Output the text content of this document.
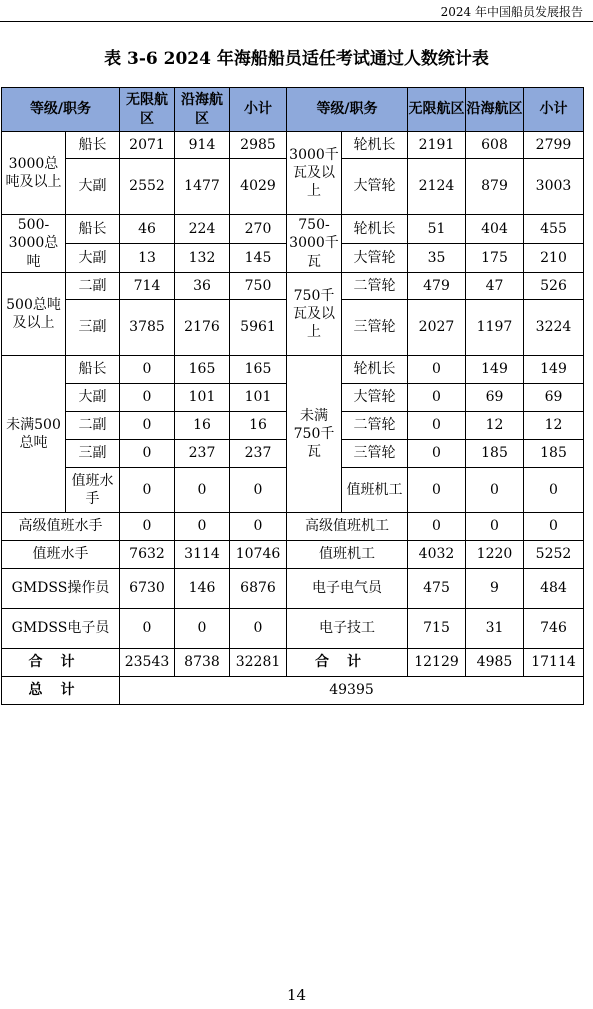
2024 年中国船员发展报告
表 3-6 2024 年海船船员适任考试通过人数统计表
等级/职务		无限航区	沿海航区	小计	等级/职务		无限航区	沿海航区	小计
3000总吨及以上	船长	2071	914	2985	3000千瓦及以上	轮机长	2191	608	2799
	大副	2552	1477	4029		大管轮	2124	879	3003
500-3000总吨	船长	46	224	270	750-3000千瓦	轮机长	51	404	455
	大副	13	132	145		大管轮	35	175	210
500总吨及以上	二副	714	36	750	750千瓦及以上	二管轮	479	47	526
	三副	3785	2176	5961		三管轮	2027	1197	3224
未满500总吨	船长	0	165	165	未满750千瓦	轮机长	0	149	149
	大副	0	101	101		大管轮	0	69	69
	二副	0	16	16		二管轮	0	12	12
	三副	0	237	237		三管轮	0	185	185
	值班水手	0	0	0		值班机工	0	0	0
高级值班水手		0	0	0	高级值班机工		0	0	0
值班水手		7632	3114	10746	值班机工		4032	1220	5252
GMDSS操作员		6730	146	6876	电子电气员		475	9	484
GMDSS电子员		0	0	0	电子技工		715	31	746
合计		23543	8738	32281	合计		12129	4985	17114
总计		49395							
14
